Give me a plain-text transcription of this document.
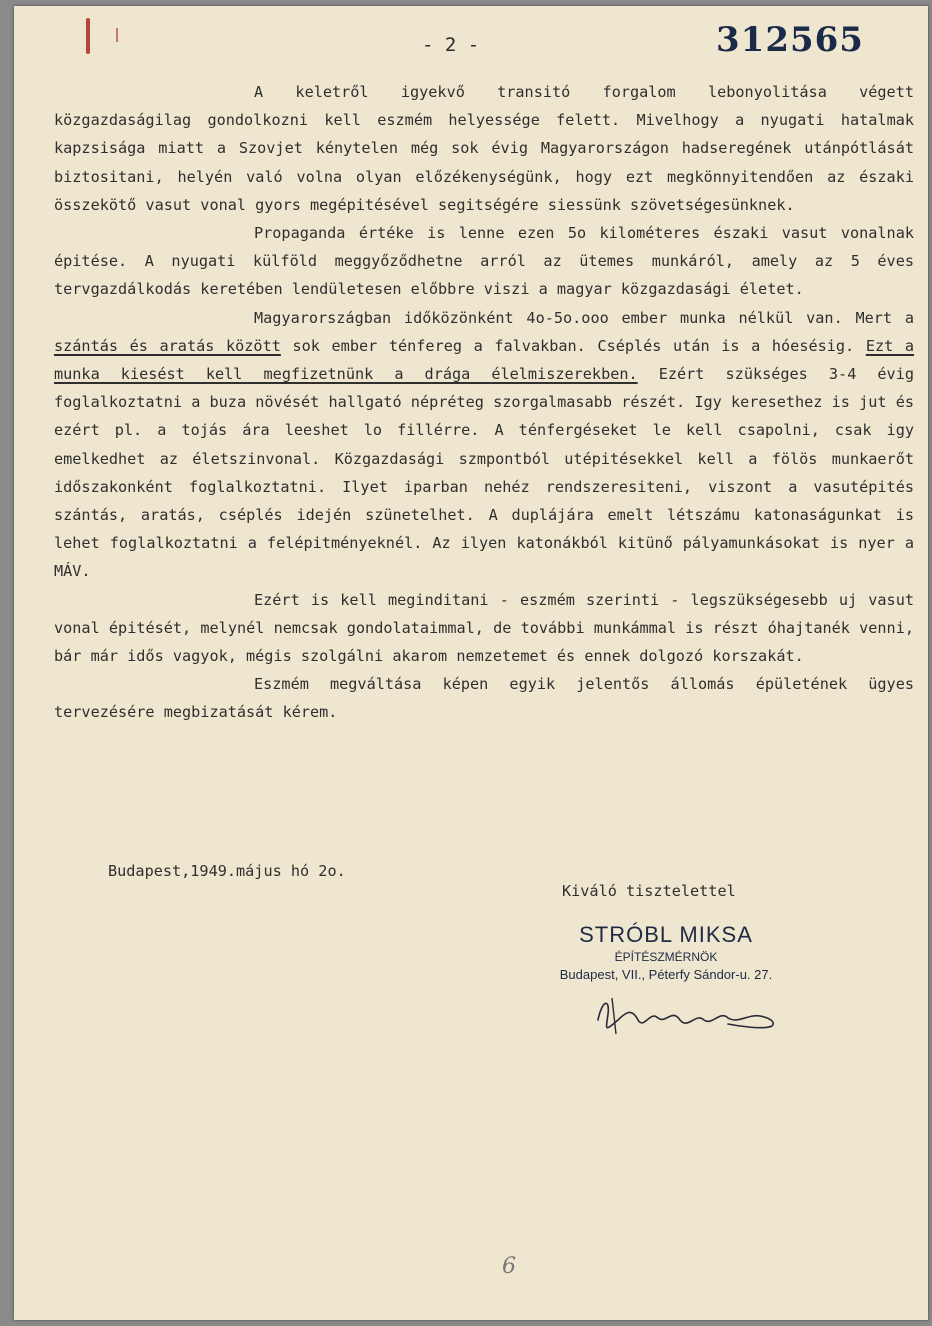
- 2 -	312565

A keletről igyekvő transitó forgalom lebonyolitása végett közgazdaságilag gondolkozni kell eszmém helyessége felett. Mivelhogy a nyugati hatalmak kapzsisága miatt a Szovjet kénytelen még sok évig Magyarországon hadseregének utánpótlását biztositani, helyén való volna olyan előzékenységünk, hogy ezt megkönnyitendően az északi összekötő vasut vonal gyors megépitésével segitségére siessünk szövetségesünknek.

Propaganda értéke is lenne ezen 5o kilométeres északi vasut vonalnak épitése. A nyugati külföld meggyőződhetne arról az ütemes munkáról, amely az 5 éves tervgazdálkodás keretében lendületesen előbbre viszi a magyar közgazdasági életet.

Magyarországban időközönként 4o-5o.ooo ember munka nélkül van. Mert a szántás és aratás között sok ember ténfereg a falvakban. Cséplés után is a hóesésig. Ezt a munka kiesést kell megfizetnünk a drága élelmiszerekben. Ezért szükséges 3-4 évig foglalkoztatni a buza növését hallgató népréteg szorgalmasabb részét. Igy keresethez is jut és ezért pl. a tojás ára leeshet lo fillérre. A ténfergéseket le kell csapolni, csak igy emelkedhet az életszinvonal. Közgazdasági szmpontból utépitésekkel kell a fölös munkaerőt időszakonként foglalkoztatni. Ilyet iparban nehéz rendszeresiteni, viszont a vasutépités szántás, aratás, cséplés idején szünetelhet. A duplájára emelt létszámu katonaságunkat is lehet foglalkoztatni a felépitményeknél. Az ilyen katonákból kitünő pályamunkásokat is nyer a MÁV.

Ezért is kell meginditani - eszmém szerinti - legszükségesebb uj vasut vonal épitését, melynél nemcsak gondolataimmal, de további munkámmal is részt óhajtanék venni, bár már idős vagyok, mégis szolgálni akarom nemzetemet és ennek dolgozó korszakát.

Eszmém megváltása képen egyik jelentős állomás épületének ügyes tervezésére megbizatását kérem.

Budapest,1949.május hó 2o.
Kiváló tisztelettel
STRÓBL MIKSA
ÉPÍTÉSZMÉRNÖK
Budapest, VII., Péterfy Sándor-u. 27.
6
